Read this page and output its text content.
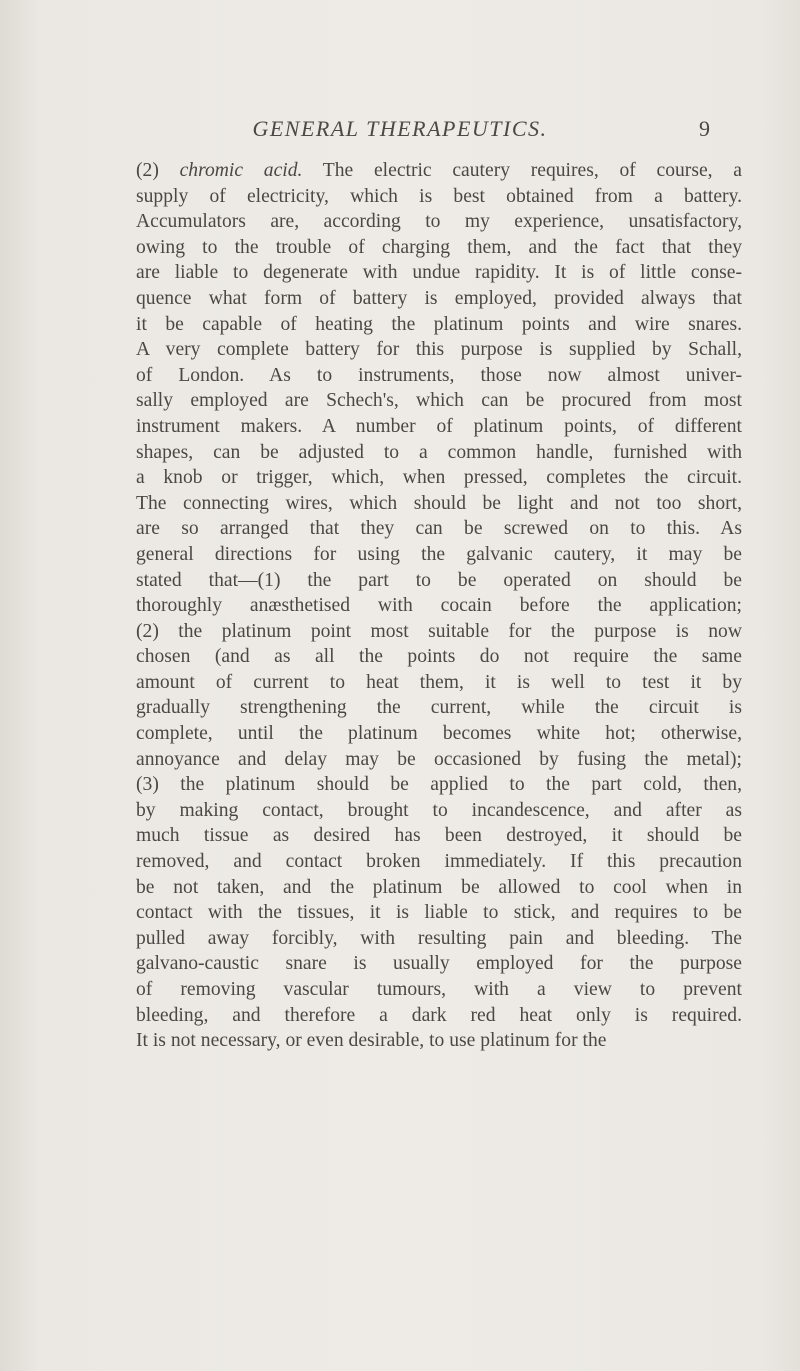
GENERAL THERAPEUTICS.	9
(2) chromic acid. The electric cautery requires, of course, a
supply of electricity, which is best obtained from a battery.
Accumulators are, according to my experience, unsatisfactory,
owing to the trouble of charging them, and the fact that they
are liable to degenerate with undue rapidity. It is of little conse-
quence what form of battery is employed, provided always that
it be capable of heating the platinum points and wire snares.
A very complete battery for this purpose is supplied by Schall,
of London. As to instruments, those now almost univer-
sally employed are Schech's, which can be procured from most
instrument makers. A number of platinum points, of different
shapes, can be adjusted to a common handle, furnished with
a knob or trigger, which, when pressed, completes the circuit.
The connecting wires, which should be light and not too short,
are so arranged that they can be screwed on to this. As
general directions for using the galvanic cautery, it may be
stated that—(1) the part to be operated on should be
thoroughly anæsthetised with cocain before the application;
(2) the platinum point most suitable for the purpose is now
chosen (and as all the points do not require the same
amount of current to heat them, it is well to test it by
gradually strengthening the current, while the circuit is
complete, until the platinum becomes white hot; otherwise,
annoyance and delay may be occasioned by fusing the metal);
(3) the platinum should be applied to the part cold, then,
by making contact, brought to incandescence, and after as
much tissue as desired has been destroyed, it should be
removed, and contact broken immediately. If this precaution
be not taken, and the platinum be allowed to cool when in
contact with the tissues, it is liable to stick, and requires to be
pulled away forcibly, with resulting pain and bleeding. The
galvano-caustic snare is usually employed for the purpose
of removing vascular tumours, with a view to prevent
bleeding, and therefore a dark red heat only is required.
It is not necessary, or even desirable, to use platinum for the
